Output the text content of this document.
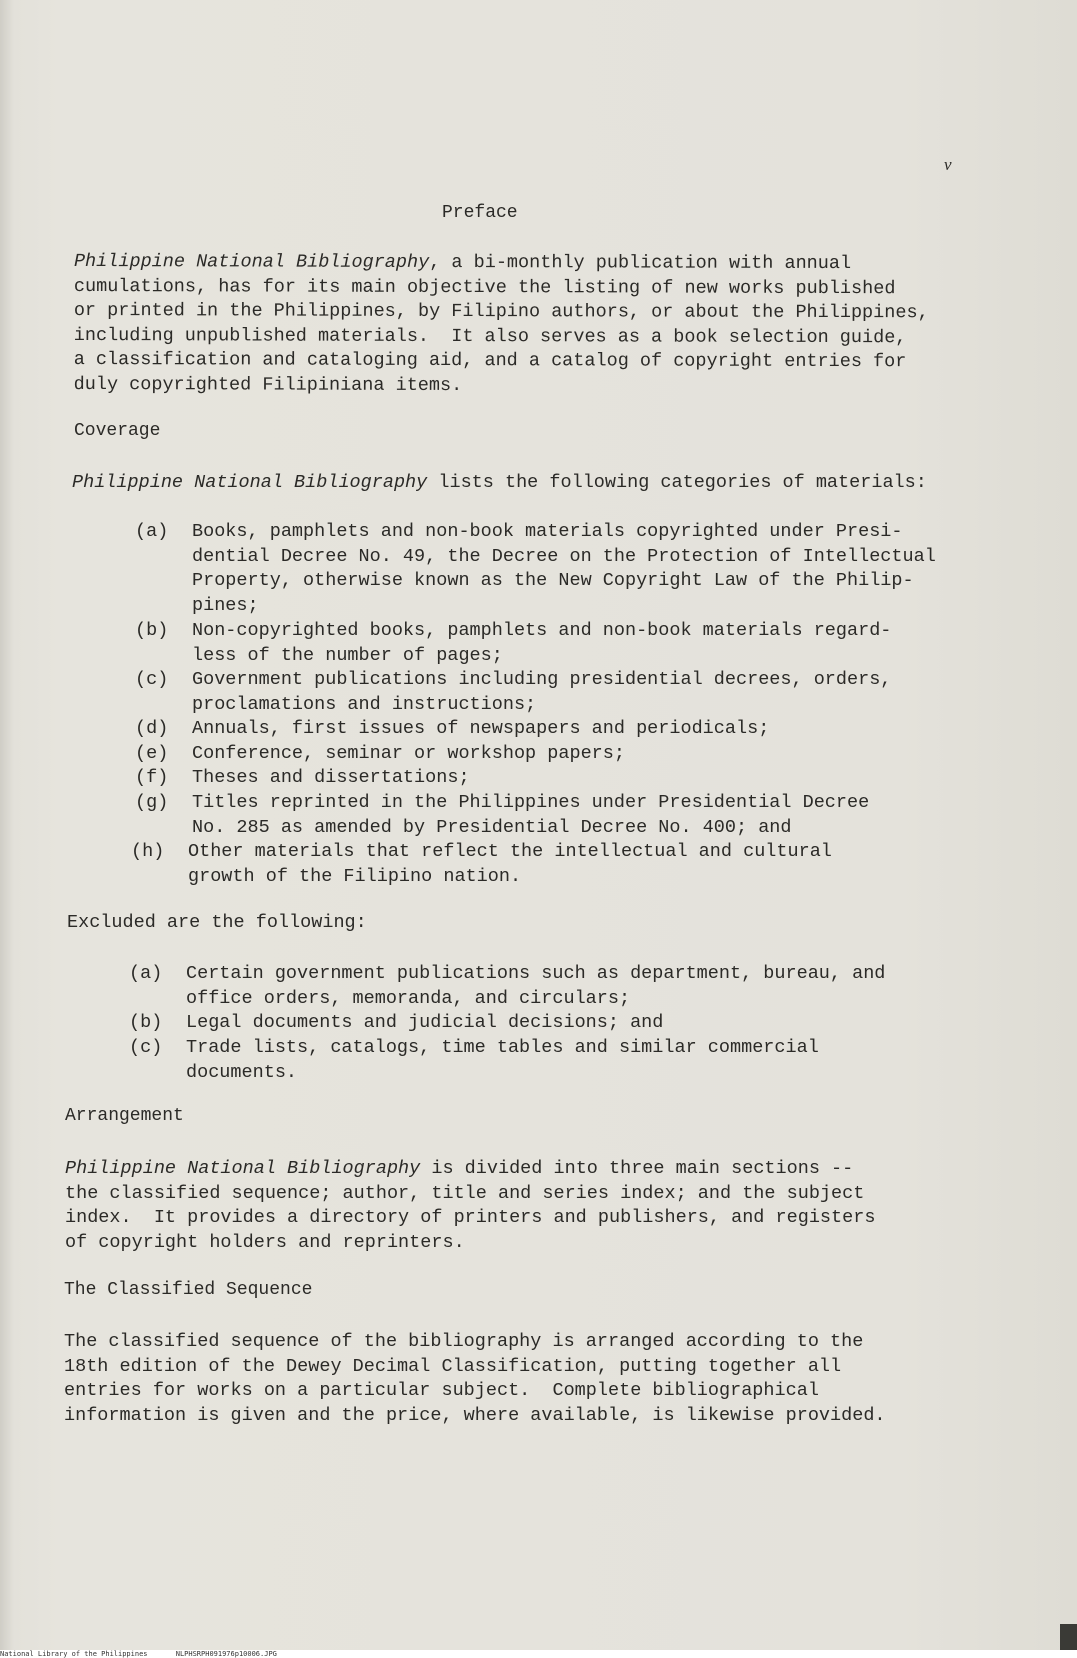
v
Preface
Philippine National Bibliography, a bi-monthly publication with annual
cumulations, has for its main objective the listing of new works published
or printed in the Philippines, by Filipino authors, or about the Philippines,
including unpublished materials.  It also serves as a book selection guide,
a classification and cataloging aid, and a catalog of copyright entries for
duly copyrighted Filipiniana items.
Coverage
Philippine National Bibliography lists the following categories of materials:
(a) Books, pamphlets and non-book materials copyrighted under Presi-
dential Decree No. 49, the Decree on the Protection of Intellectual
Property, otherwise known as the New Copyright Law of the Philip-
pines;
(b) Non-copyrighted books, pamphlets and non-book materials regard-
less of the number of pages;
(c) Government publications including presidential decrees, orders,
proclamations and instructions;
(d) Annuals, first issues of newspapers and periodicals;
(e) Conference, seminar or workshop papers;
(f) Theses and dissertations;
(g) Titles reprinted in the Philippines under Presidential Decree
No. 285 as amended by Presidential Decree No. 400; and
(h) Other materials that reflect the intellectual and cultural
growth of the Filipino nation.
Excluded are the following:
(a) Certain government publications such as department, bureau, and
office orders, memoranda, and circulars;
(b) Legal documents and judicial decisions; and
(c) Trade lists, catalogs, time tables and similar commercial
documents.
Arrangement
Philippine National Bibliography is divided into three main sections --
the classified sequence; author, title and series index; and the subject
index.  It provides a directory of printers and publishers, and registers
of copyright holders and reprinters.
The Classified Sequence
The classified sequence of the bibliography is arranged according to the
18th edition of the Dewey Decimal Classification, putting together all
entries for works on a particular subject.  Complete bibliographical
information is given and the price, where available, is likewise provided.
National Library of the Philippines	NLPHSRPH091976p10006.JPG
